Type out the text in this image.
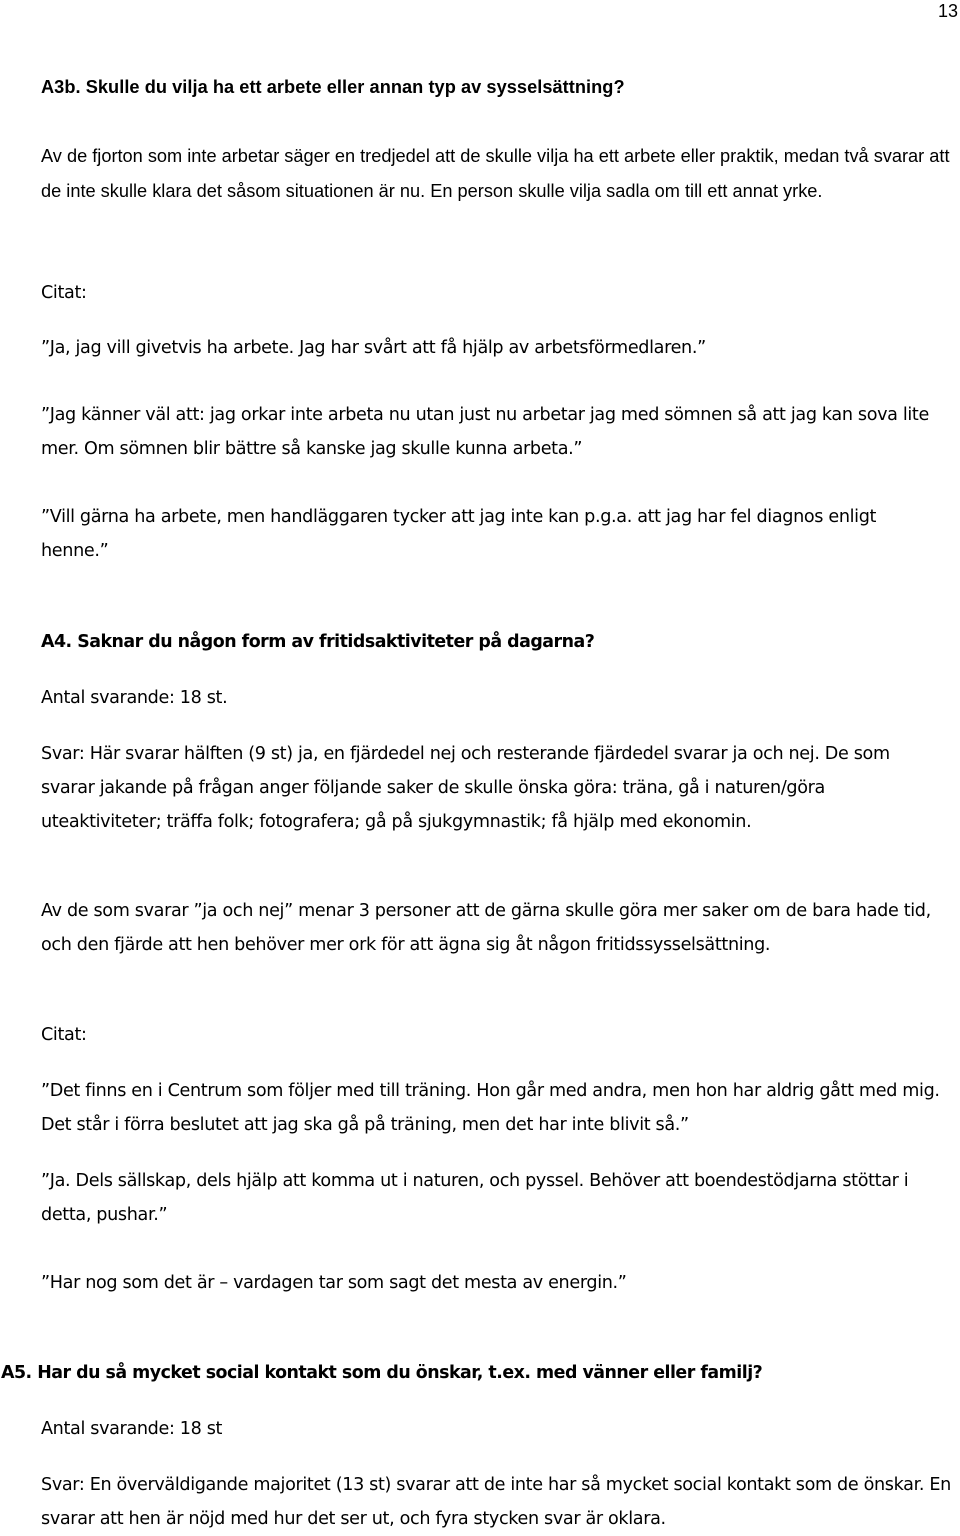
13
A3b. Skulle du vilja ha ett arbete eller annan typ av sysselsättning?

Av de fjorton som inte arbetar säger en tredjedel att de skulle vilja ha ett arbete eller praktik, medan två svarar att de inte skulle klara det såsom situationen är nu. En person skulle vilja sadla om till ett annat yrke.

Citat:

”Ja, jag vill givetvis ha arbete. Jag har svårt att få hjälp av arbetsförmedlaren.”

”Jag känner väl att: jag orkar inte arbeta nu utan just nu arbetar jag med sömnen så att jag kan sova lite mer. Om sömnen blir bättre så kanske jag skulle kunna arbeta.”

”Vill gärna ha arbete, men handläggaren tycker att jag inte kan p.g.a. att jag har fel diagnos enligt henne.”

A4. Saknar du någon form av fritidsaktiviteter på dagarna?

Antal svarande: 18 st.

Svar: Här svarar hälften (9 st) ja, en fjärdedel nej och resterande fjärdedel svarar ja och nej. De som svarar jakande på frågan anger följande saker de skulle önska göra: träna, gå i naturen/göra uteaktiviteter; träffa folk; fotografera; gå på sjukgymnastik; få hjälp med ekonomin.

Av de som svarar ”ja och nej” menar 3 personer att de gärna skulle göra mer saker om de bara hade tid, och den fjärde att hen behöver mer ork för att ägna sig åt någon fritidssysselsättning.

Citat:

”Det finns en i Centrum som följer med till träning. Hon går med andra, men hon har aldrig gått med mig. Det står i förra beslutet att jag ska gå på träning, men det har inte blivit så.”

”Ja. Dels sällskap, dels hjälp att komma ut i naturen, och pyssel. Behöver att boendestödjarna stöttar i detta, pushar.”

”Har nog som det är – vardagen tar som sagt det mesta av energin.”

A5. Har du så mycket social kontakt som du önskar, t.ex. med vänner eller familj?

Antal svarande: 18 st

Svar: En överväldigande majoritet (13 st) svarar att de inte har så mycket social kontakt som de önskar. En svarar att hen är nöjd med hur det ser ut, och fyra stycken svar är oklara.
